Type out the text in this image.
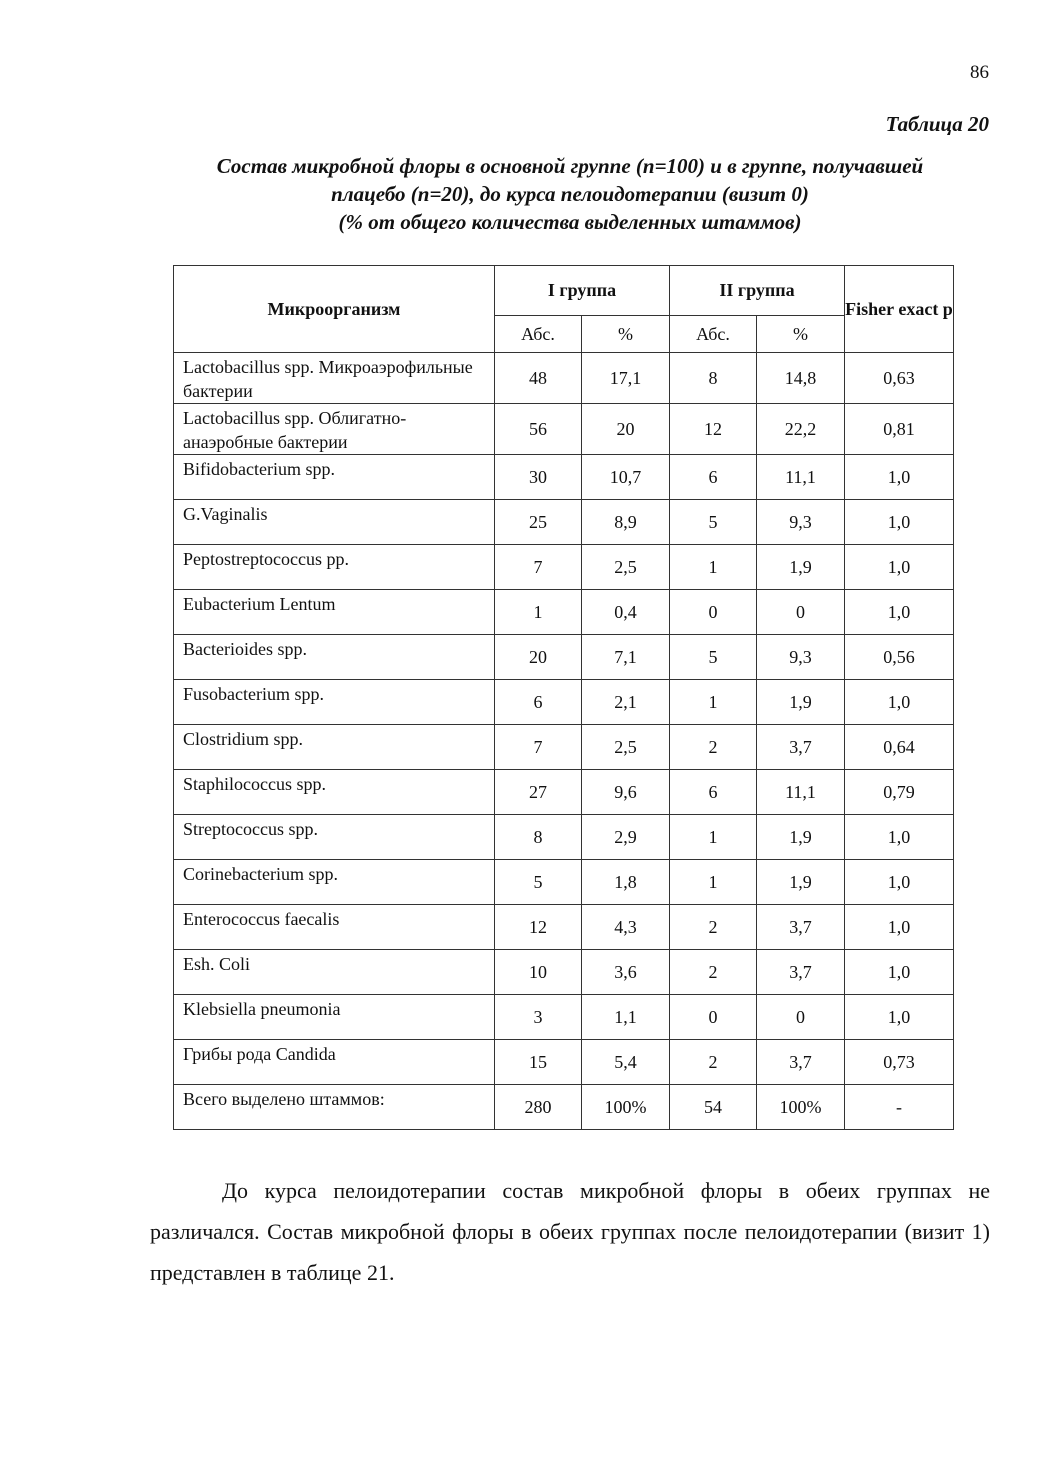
86
Таблица 20
Состав микробной флоры в основной группе (n=100) и в группе, получавшей
плацебо (n=20), до курса пелоидотерапии (визит 0)
(% от общего количества выделенных штаммов)
Микроорганизм	I группа		II группа		Fisher exact p
	Абс.	%	Абс.	%	
Lactobacillus spp. Микроаэрофильные бактерии	48	17,1	8	14,8	0,63
Lactobacillus spp. Облигатно-анаэробные бактерии	56	20	12	22,2	0,81
Bifidobacterium spp.	30	10,7	6	11,1	1,0
G.Vaginalis	25	8,9	5	9,3	1,0
Peptostreptococcus pp.	7	2,5	1	1,9	1,0
Eubacterium Lentum	1	0,4	0	0	1,0
Bacterioides spp.	20	7,1	5	9,3	0,56
Fusobacterium spp.	6	2,1	1	1,9	1,0
Clostridium spp.	7	2,5	2	3,7	0,64
Staphilococcus spp.	27	9,6	6	11,1	0,79
Streptococcus spp.	8	2,9	1	1,9	1,0
Corinebacterium spp.	5	1,8	1	1,9	1,0
Enterococcus faecalis	12	4,3	2	3,7	1,0
Esh. Coli	10	3,6	2	3,7	1,0
Klebsiella pneumonia	3	1,1	0	0	1,0
Грибы рода Candida	15	5,4	2	3,7	0,73
Всего выделено штаммов:	280	100%	54	100%	-

До курса пелоидотерапии состав микробной флоры в обеих группах не различался. Состав микробной флоры в обеих группах после пелоидотерапии (визит 1) представлен в таблице 21.
